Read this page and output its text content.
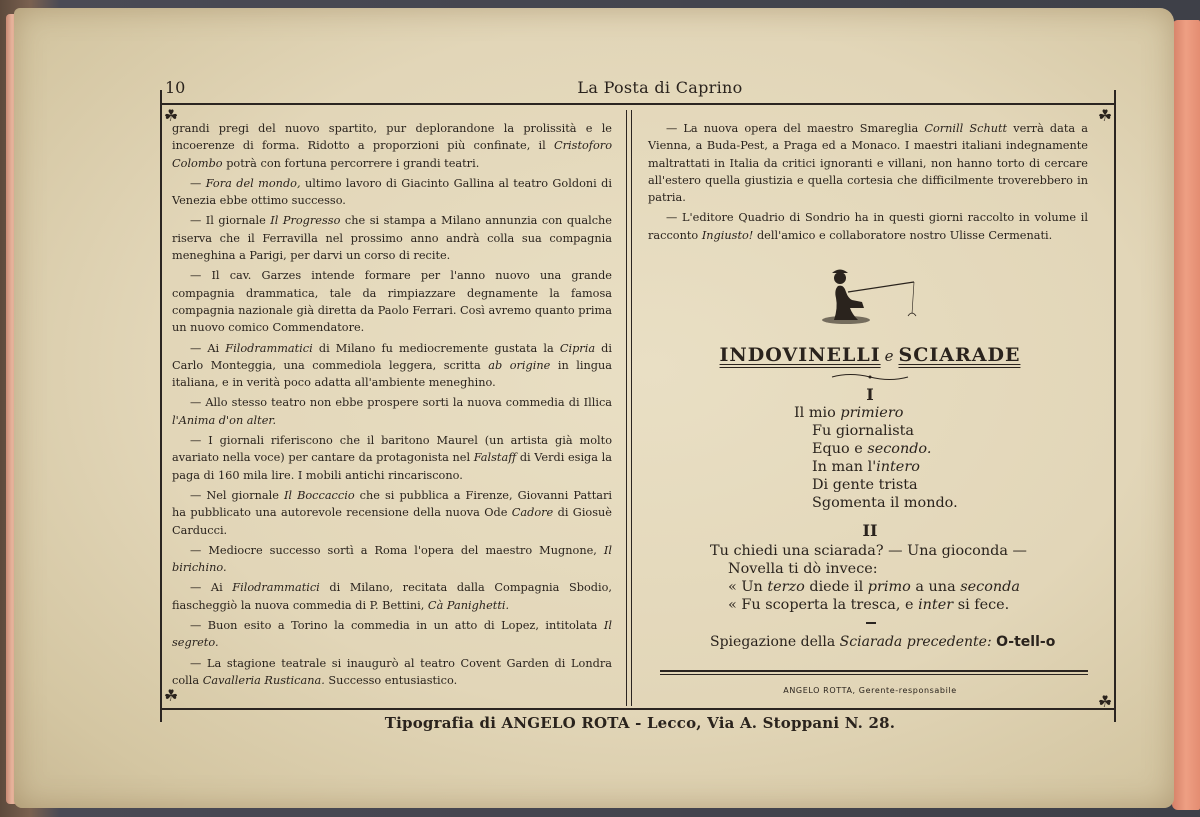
10	La Posta di Caprino
☘	☘
☘	☘

grandi pregi del nuovo spartito, pur deplorandone la prolissità e le incoerenze di forma. Ridotto a proporzioni più confinate, il Cristoforo Colombo potrà con fortuna percorrere i grandi teatri.

— Fora del mondo, ultimo lavoro di Giacinto Gallina al teatro Goldoni di Venezia ebbe ottimo successo.

— Il giornale Il Progresso che si stampa a Milano annunzia con qualche riserva che il Ferravilla nel prossimo anno andrà colla sua compagnia meneghina a Parigi, per darvi un corso di recite.

— Il cav. Garzes intende formare per l'anno nuovo una grande compagnia drammatica, tale da rimpiazzare degnamente la famosa compagnia nazionale già diretta da Paolo Ferrari. Così avremo quanto prima un nuovo comico Commendatore.

— Ai Filodrammatici di Milano fu mediocremente gustata la Cipria di Carlo Monteggia, una commediola leggera, scritta ab origine in lingua italiana, e in verità poco adatta all'ambiente meneghino.

— Allo stesso teatro non ebbe prospere sorti la nuova commedia di Illica l'Anima d'on alter.

— I giornali riferiscono che il baritono Maurel (un artista già molto avariato nella voce) per cantare da protagonista nel Falstaff di Verdi esiga la paga di 160 mila lire. I mobili antichi rincariscono.

— Nel giornale Il Boccaccio che si pubblica a Firenze, Giovanni Pattari ha pubblicato una autorevole recensione della nuova Ode Cadore di Giosuè Carducci.

— Mediocre successo sortì a Roma l'opera del maestro Mugnone, Il birichino.

— Ai Filodrammatici di Milano, recitata dalla Compagnia Sbodio, fiascheggiò la nuova commedia di P. Bettini, Cà Panighetti.

— Buon esito a Torino la commedia in un atto di Lopez, intitolata Il segreto.

— La stagione teatrale si inaugurò al teatro Covent Garden di Londra colla Cavalleria Rusticana. Successo entusiastico.

— La nuova opera del maestro Smareglia Cornill Schutt verrà data a Vienna, a Buda-Pest, a Praga ed a Monaco. I maestri italiani indegnamente maltrattati in Italia da critici ignoranti e villani, non hanno torto di cercare all'estero quella giustizia e quella cortesia che difficilmente troverebbero in patria.

— L'editore Quadrio di Sondrio ha in questi giorni raccolto in volume il racconto Ingiusto! dell'amico e collaboratore nostro Ulisse Cermenati.

INDOVINELLI e SCIARADE
I
Il mio primiero
Fu giornalista
Equo e secondo.
In man l'intero
Di gente trista
Sgomenta il mondo.
II
Tu chiedi una sciarada? — Una gioconda —
Novella ti dò invece:
« Un terzo diede il primo a una seconda
« Fu scoperta la tresca, e inter si fece.
Spiegazione della Sciarada precedente: O-tell-o
ANGELO ROTTA, Gerente-responsabile
Tipografia di ANGELO ROTA - Lecco, Via A. Stoppani N. 28.
